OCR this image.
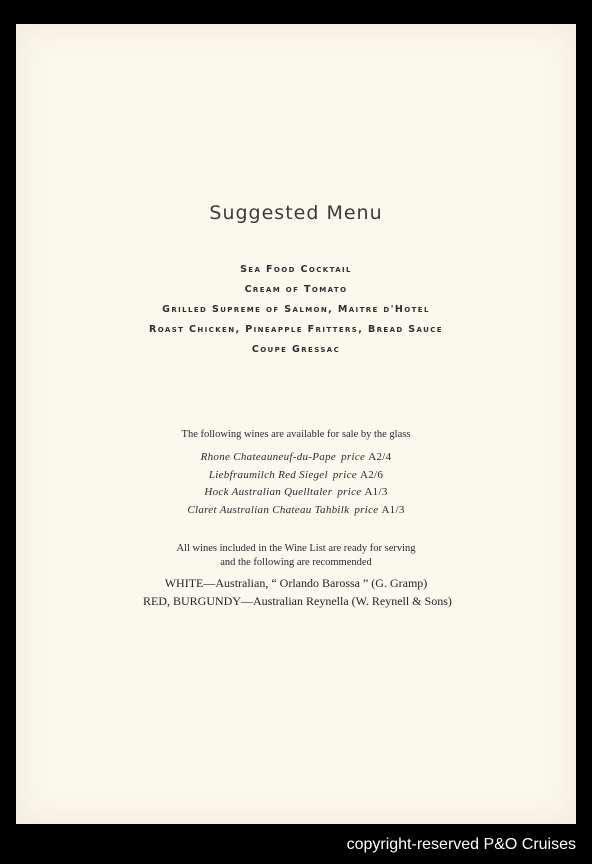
Suggested Menu
Sea Food Cocktail
Cream of Tomato
Grilled Supreme of Salmon, Maitre d'Hotel
Roast Chicken, Pineapple Fritters, Bread Sauce
Coupe Gressac
The following wines are available for sale by the glass
Rhone Chateauneuf-du-Pape price A2/4
Liebfraumilch Red Siegel price A2/6
Hock Australian Quelltaler price A1/3
Claret Australian Chateau Tahbilk price A1/3
All wines included in the Wine List are ready for serving
and the following are recommended
WHITE—Australian, “ Orlando Barossa ” (G. Gramp)
RED, BURGUNDY—Australian Reynella (W. Reynell & Sons)
copyright-reserved P&O Cruises
